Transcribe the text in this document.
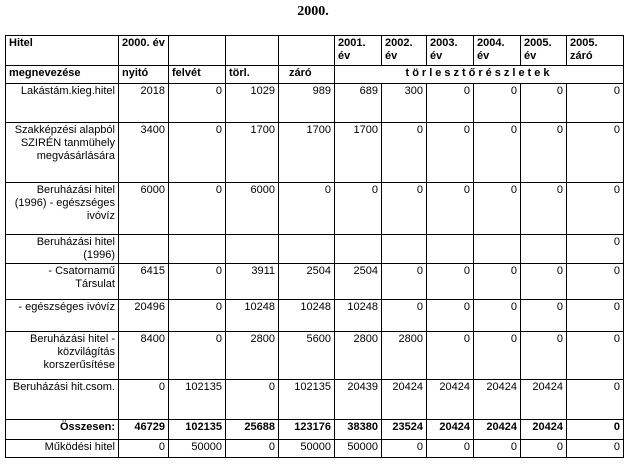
2000.
Hitel	2000. év				2001. év	2002. év	2003. év	2004. év	2005. év	2005. záró
megnevezése	nyitó	felvét	törl.	záró	törlesztőrészletek					
Lakástám.kieg.hitel	2018	0	1029	989	689	300	0	0	0	0
Szakképzési alapból SZIRÉN tanmühely megvásárlására	3400	0	1700	1700	1700	0	0	0	0	0
Beruházási hitel (1996) - egészséges ivóvíz	6000	0	6000	0	0	0	0	0	0	0
Beruházási hitel (1996)										0
- Csatornamű Társulat	6415	0	3911	2504	2504	0	0	0	0	0
- egészséges ivóvíz	20496	0	10248	10248	10248	0	0	0	0	0
Beruházási hitel -közvilágítás korszerűsítése	8400	0	2800	5600	2800	2800	0	0	0	0
Beruházási hit.csom.	0	102135	0	102135	20439	20424	20424	20424	20424	0
Összesen:	46729	102135	25688	123176	38380	23524	20424	20424	20424	0
Működési hitel	0	50000	0	50000	50000	0	0	0	0	0
